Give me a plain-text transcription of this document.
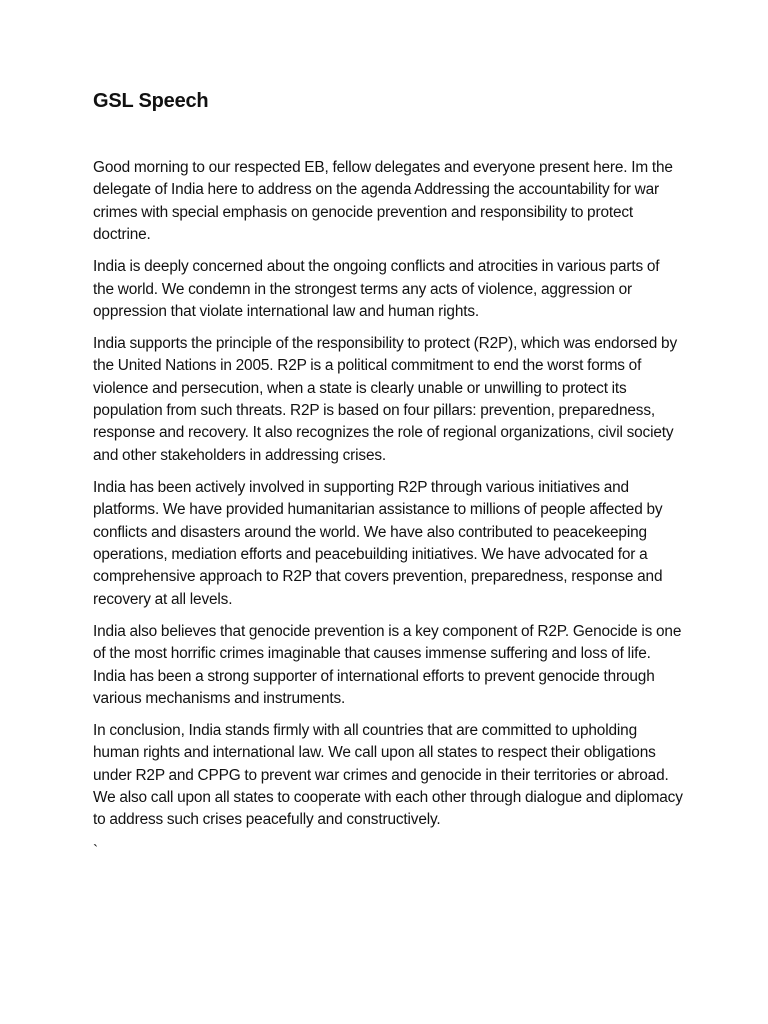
GSL Speech

Good morning to our respected EB, fellow delegates and everyone present here. Im the delegate of India here to address on the agenda Addressing the accountability for war crimes with special emphasis on genocide prevention and responsibility to protect doctrine.

India is deeply concerned about the ongoing conflicts and atrocities in various parts of the world. We condemn in the strongest terms any acts of violence, aggression or oppression that violate international law and human rights.

India supports the principle of the responsibility to protect (R2P), which was endorsed by the United Nations in 2005. R2P is a political commitment to end the worst forms of violence and persecution, when a state is clearly unable or unwilling to protect its population from such threats. R2P is based on four pillars: prevention, preparedness, response and recovery. It also recognizes the role of regional organizations, civil society and other stakeholders in addressing crises.

India has been actively involved in supporting R2P through various initiatives and platforms. We have provided humanitarian assistance to millions of people affected by conflicts and disasters around the world. We have also contributed to peacekeeping operations, mediation efforts and peacebuilding initiatives. We have advocated for a comprehensive approach to R2P that covers prevention, preparedness, response and recovery at all levels.

India also believes that genocide prevention is a key component of R2P. Genocide is one of the most horrific crimes imaginable that causes immense suffering and loss of life. India has been a strong supporter of international efforts to prevent genocide through various mechanisms and instruments.

In conclusion, India stands firmly with all countries that are committed to upholding human rights and international law. We call upon all states to respect their obligations under R2P and CPPG to prevent war crimes and genocide in their territories or abroad. We also call upon all states to cooperate with each other through dialogue and diplomacy to address such crises peacefully and constructively.

`
